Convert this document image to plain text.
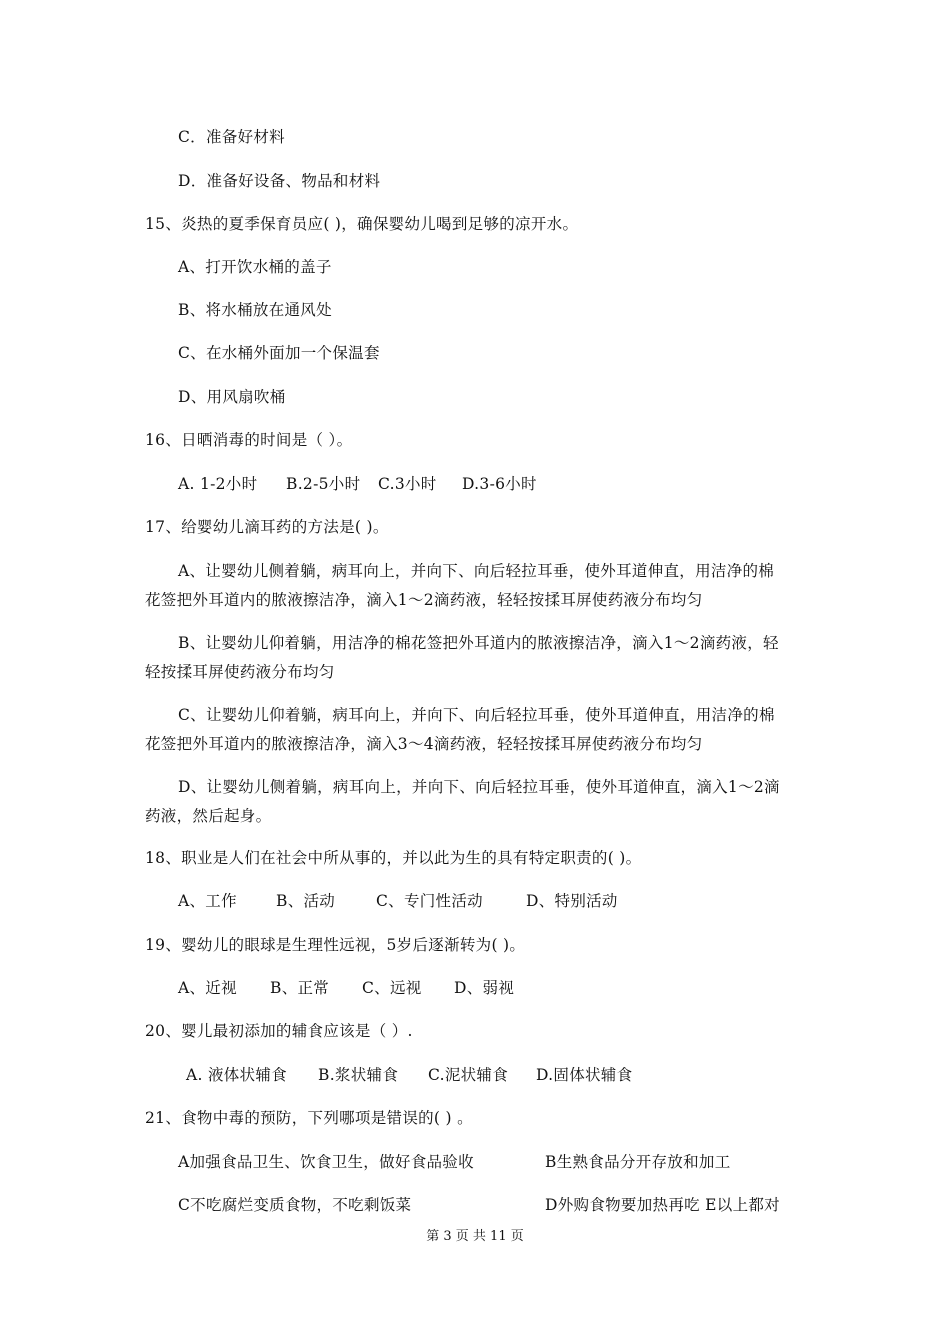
C．准备好材料
D．准备好设备、物品和材料
15、炎热的夏季保育员应( )，确保婴幼儿喝到足够的凉开水。
A、打开饮水桶的盖子
B、将水桶放在通风处
C、在水桶外面加一个保温套
D、用风扇吹桶
16、日晒消毒的时间是（ ）。
A. 1-2小时 B.2-5小时 C.3小时 D.3-6小时
17、给婴幼儿滴耳药的方法是( )。
A、让婴幼儿侧着躺，病耳向上，并向下、向后轻拉耳垂，使外耳道伸直，用洁净的棉
花签把外耳道内的脓液擦洁净，滴入1～2滴药液，轻轻按揉耳屏使药液分布均匀
B、让婴幼儿仰着躺，用洁净的棉花签把外耳道内的脓液擦洁净，滴入1～2滴药液，轻
轻按揉耳屏使药液分布均匀
C、让婴幼儿仰着躺，病耳向上，并向下、向后轻拉耳垂，使外耳道伸直，用洁净的棉
花签把外耳道内的脓液擦洁净，滴入3～4滴药液，轻轻按揉耳屏使药液分布均匀
D、让婴幼儿侧着躺，病耳向上，并向下、向后轻拉耳垂，使外耳道伸直，滴入1～2滴
药液，然后起身。
18、职业是人们在社会中所从事的，并以此为生的具有特定职责的( )。
A、工作	B、活动	C、专门性活动	D、特别活动
19、婴幼儿的眼球是生理性远视，5岁后逐渐转为( )。
A、近视 B、正常 C、远视 D、弱视
20、婴儿最初添加的辅食应该是（ ）.
A. 液体状辅食 B.浆状辅食 C.泥状辅食 D.固体状辅食
21、食物中毒的预防，下列哪项是错误的( ) 。
A加强食品卫生、饮食卫生，做好食品验收	B生熟食品分开存放和加工
C不吃腐烂变质食物，不吃剩饭菜	D外购食物要加热再吃 E以上都对
第 3 页 共 11 页
